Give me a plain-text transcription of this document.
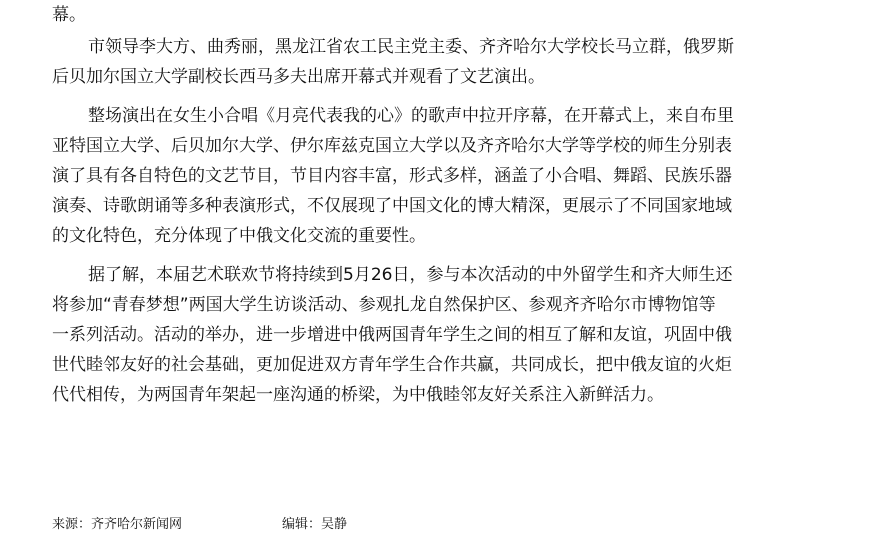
幕。
市领导李大方、曲秀丽，黑龙江省农工民主党主委、齐齐哈尔大学校长马立群，俄罗斯
后贝加尔国立大学副校长西马多夫出席开幕式并观看了文艺演出。
整场演出在女生小合唱《月亮代表我的心》的歌声中拉开序幕，在开幕式上，来自布里
亚特国立大学、后贝加尔大学、伊尔库兹克国立大学以及齐齐哈尔大学等学校的师生分别表
演了具有各自特色的文艺节目，节目内容丰富，形式多样，涵盖了小合唱、舞蹈、民族乐器
演奏、诗歌朗诵等多种表演形式，不仅展现了中国文化的博大精深，更展示了不同国家地域
的文化特色，充分体现了中俄文化交流的重要性。
据了解，本届艺术联欢节将持续到5月26日，参与本次活动的中外留学生和齐大师生还
将参加“青春梦想”两国大学生访谈活动、参观扎龙自然保护区、参观齐齐哈尔市博物馆等
一系列活动。活动的举办，进一步增进中俄两国青年学生之间的相互了解和友谊，巩固中俄
世代睦邻友好的社会基础，更加促进双方青年学生合作共赢，共同成长，把中俄友谊的火炬
代代相传，为两国青年架起一座沟通的桥梁，为中俄睦邻友好关系注入新鲜活力。
来源：齐齐哈尔新闻网	编辑：吴静
